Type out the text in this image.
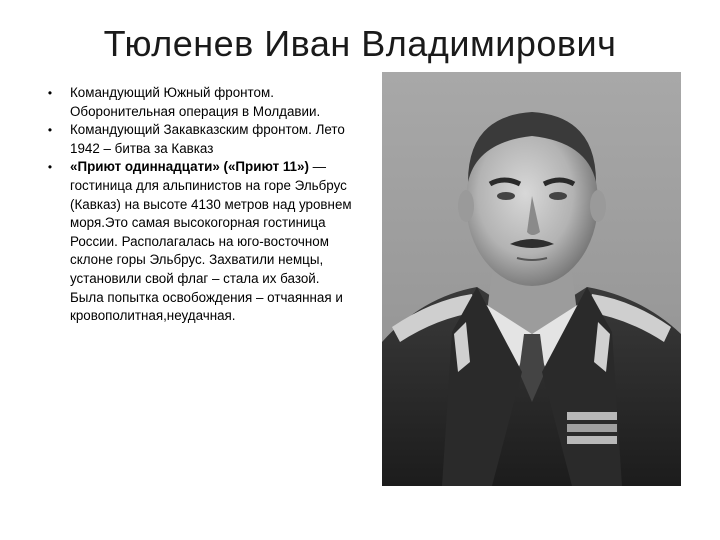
Тюленев Иван Владимирович
•	Командующий Южный фронтом. Оборонительная операция в Молдавии.
•	Командующий Закавказским фронтом. Лето 1942 – битва за Кавказ
•	«Приют одиннадцати» («Приют 11») — гостиница для альпинистов на горе Эльбрус (Кавказ) на высоте 4130 метров над уровнем моря.Это самая высокогорная гостиница России. Располагалась на юго-восточном склоне горы Эльбрус. Захватили немцы, установили свой флаг – стала их базой. Была попытка освобождения – отчаянная и кровополитная,неудачная.
